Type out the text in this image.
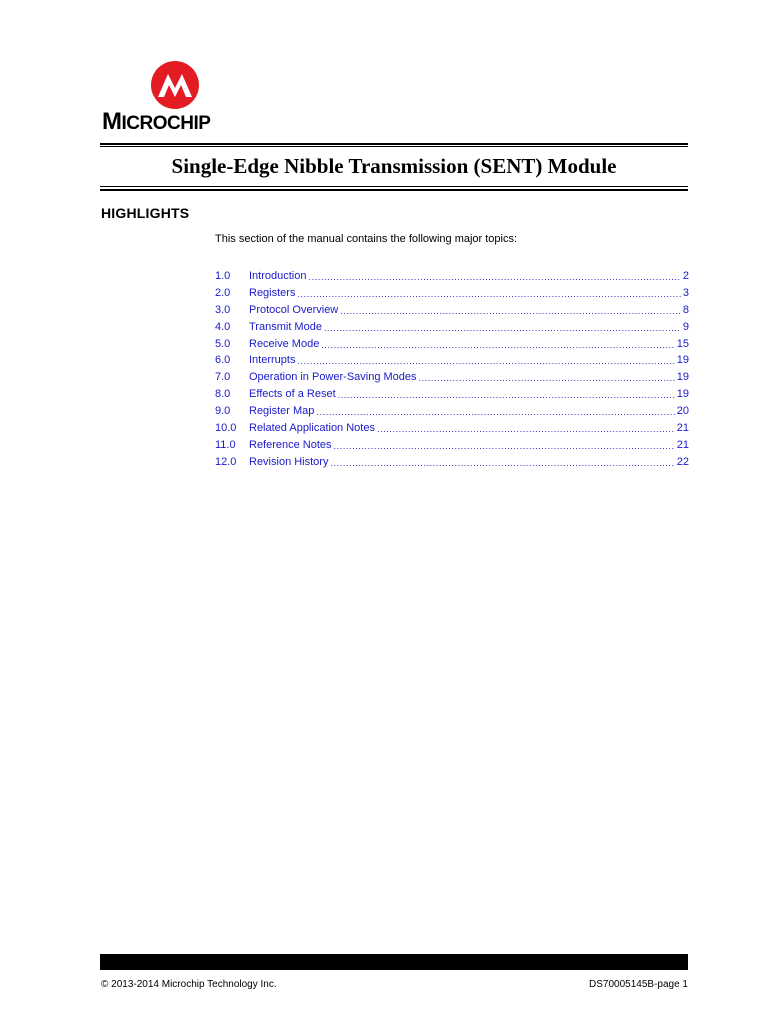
MICROCHIP
Single-Edge Nibble Transmission (SENT) Module
HIGHLIGHTS
This section of the manual contains the following major topics:
1.0	Introduction .....	2
2.0	Registers .....	3
3.0	Protocol Overview .....	8
4.0	Transmit Mode .....	9
5.0	Receive Mode .....	15
6.0	Interrupts .....	19
7.0	Operation in Power-Saving Modes .....	19
8.0	Effects of a Reset .....	19
9.0	Register Map .....	20
10.0	Related Application Notes .....	21
11.0	Reference Notes .....	21
12.0	Revision History .....	22
© 2013-2014 Microchip Technology Inc.	DS70005145B-page 1
